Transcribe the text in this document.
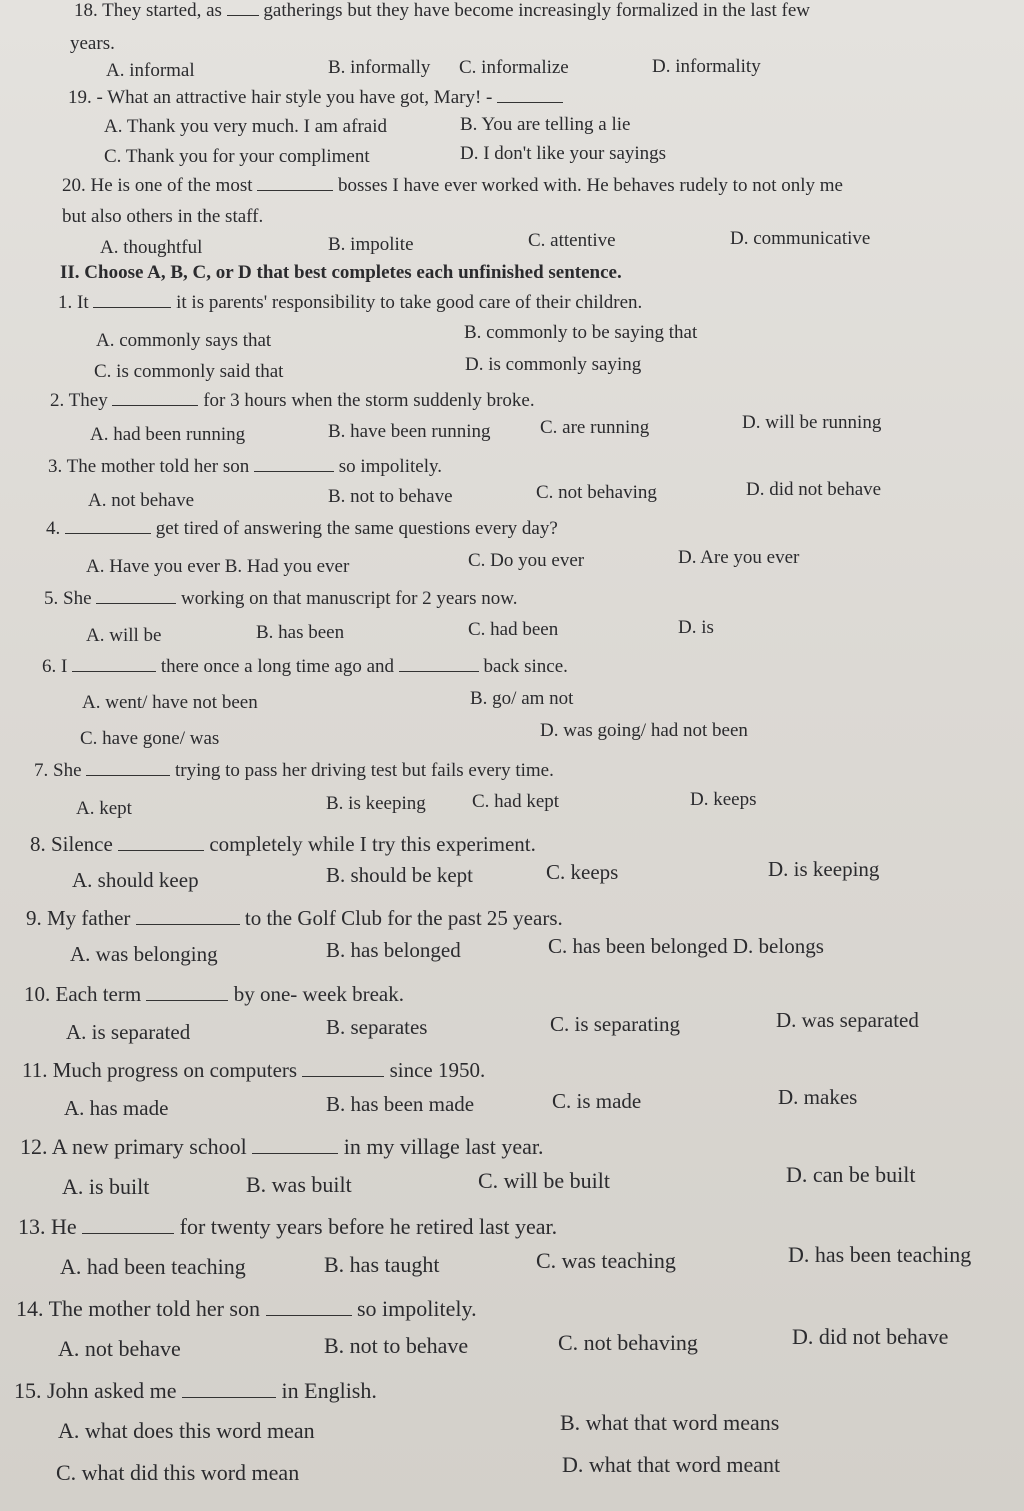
18. They started, as gatherings but they have become increasingly formalized in the last few
years.
A. informal	B. informally C. informalize	D. informality
19. - What an attractive hair style you have got, Mary! -
A. Thank you very much. I am afraid	B. You are telling a lie
C. Thank you for your compliment	D. I don't like your sayings
20. He is one of the most	bosses I have ever worked with. He behaves rudely to not only me
but also others in the staff.
A. thoughtful	B. impolite	C. attentive	D. communicative
II. Choose A, B, C, or D that best completes each unfinished sentence.
1. It	it is parents' responsibility to take good care of their children.
A. commonly says that	B. commonly to be saying that
C. is commonly said that	D. is commonly saying
2. They	for 3 hours when the storm suddenly broke.
A. had been running	B. have been running	C. are running	D. will be running
3. The mother told her son	so impolitely.
A. not behave	B. not to behave	C. not behaving	D. did not behave
4.	get tired of answering the same questions every day?
A. Have you ever B. Had you ever	C. Do you ever	D. Are you ever
5. She	working on that manuscript for 2 years now.
A. will be	B. has been	C. had been	D. is
6. I	there once a long time ago and	back since.
A. went/ have not been	B. go/ am not
C. have gone/ was	D. was going/ had not been
7. She	trying to pass her driving test but fails every time.
A. kept	B. is keeping C. had kept	D. keeps
8. Silence	completely while I try this experiment.
A. should keep	B. should be kept	C. keeps	D. is keeping
9. My father	to the Golf Club for the past 25 years.
A. was belonging	B. has belonged	C. has been belonged D. belongs
10. Each term	by one- week break.
A. is separated	B. separates	C. is separating	D. was separated
11. Much progress on computers	since 1950.
A. has made	B. has been made	C. is made	D. makes
12. A new primary school	in my village last year.
A. is built	B. was built	C. will be built	D. can be built
13. He	for twenty years before he retired last year.
A. had been teaching	B. has taught	C. was teaching	D. has been teaching
14. The mother told her son	so impolitely.
A. not behave	B. not to behave	C. not behaving	D. did not behave
15. John asked me	in English.
A. what does this word mean	B. what that word means
C. what did this word mean	D. what that word meant
